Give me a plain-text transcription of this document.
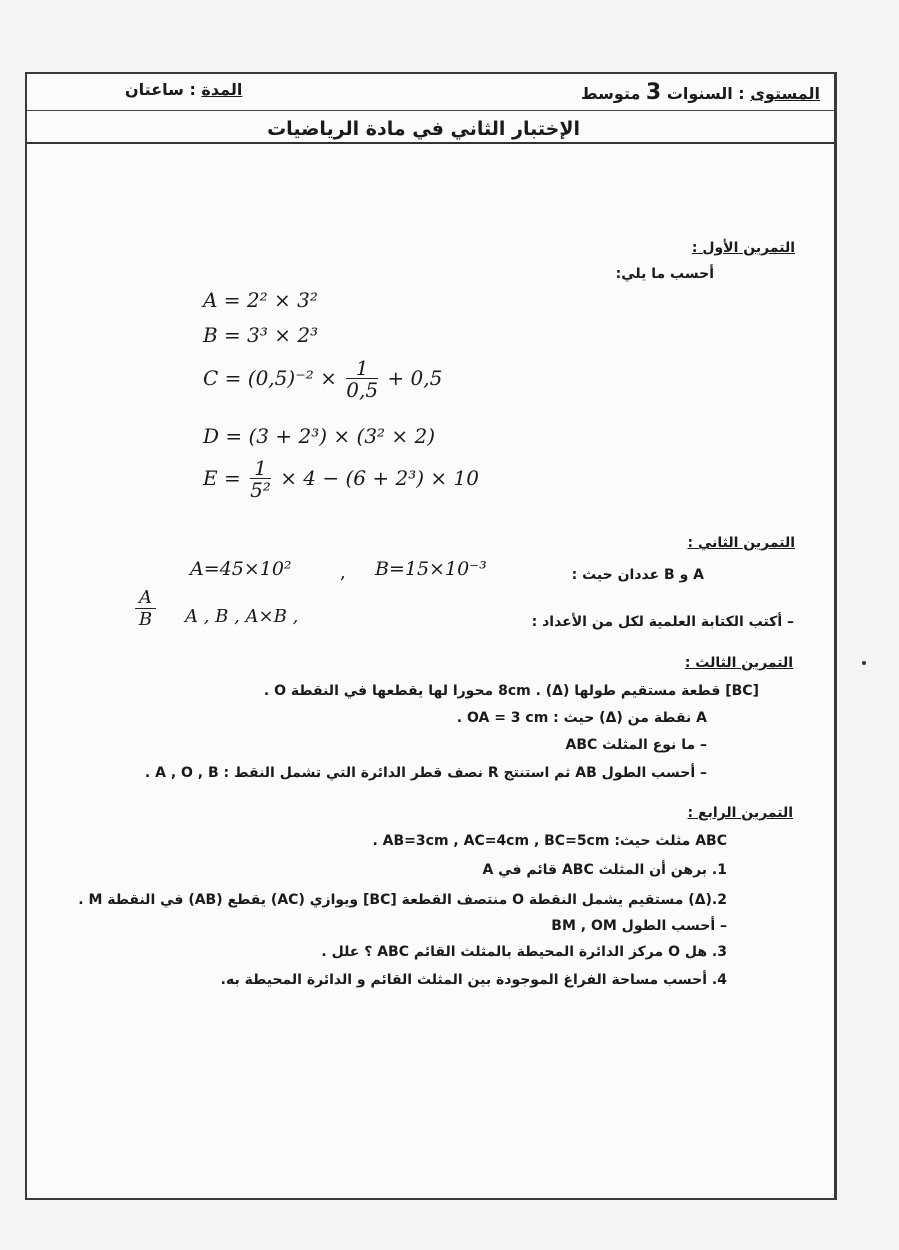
المستوى : السنوات 3 متوسط
المدة : ساعتان
الإختبار الثاني في مادة الرياضيات
التمرين الأول :
أحسب ما يلي:
A = 2² × 3²
B = 3³ × 2³
$C = (0,5)^{-2} \times \frac{1}{0,5} + 0,5$
D = (3 + 2³) × (3² × 2)
$E = \frac{1}{\text{5²}} \times 4 - (6 + 2^3) \times 10$
التمرين الثاني :
A و B عددان حيث :
A=45×10²	, B=15×10⁻³
– أكتب الكتابة العلمية لكل من الأعداد :
A , B , A×B ,
$\frac{A}{B}$
التمرين الثالث :
[BC] قطعة مستقيم طولها 8cm . (Δ) محورا لها يقطعها في النقطة O .
A نقطة من (Δ) حيث : OA = 3 cm .
– ما نوع المثلث ABC
– أحسب الطول AB ثم استنتج R نصف قطر الدائرة التي تشمل النقط : A , O , B .
التمرين الرابع :
ABC مثلث حيث: AB=3cm , AC=4cm , BC=5cm .
1. برهن أن المثلث ABC قائم في A
2.(Δ) مستقيم يشمل النقطة O منتصف القطعة [BC] ويوازي (AC) يقطع (AB) في النقطة M .
– أحسب الطول BM , OM
3. هل O مركز الدائرة المحيطة بالمثلث القائم ABC ؟ علل .
4. أحسب مساحة الفراغ الموجودة بين المثلث القائم و الدائرة المحيطة به.
